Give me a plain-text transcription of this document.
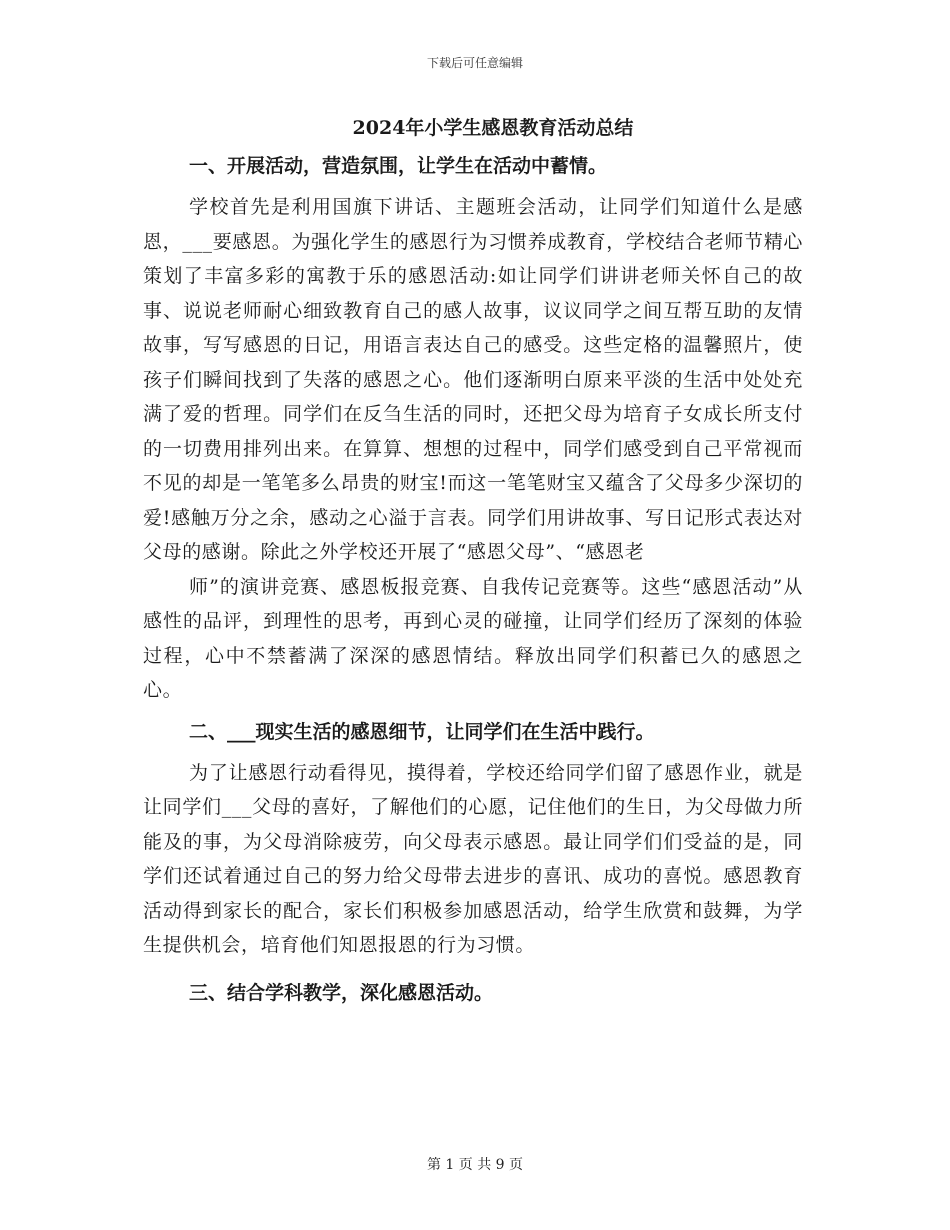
下载后可任意编辑
2024年小学生感恩教育活动总结
一、开展活动，营造氛围，让学生在活动中蓄情。

学校首先是利用国旗下讲话、主题班会活动，让同学们知道什么是感恩，___要感恩。为强化学生的感恩行为习惯养成教育，学校结合老师节精心策划了丰富多彩的寓教于乐的感恩活动:如让同学们讲讲老师关怀自己的故事、说说老师耐心细致教育自己的感人故事，议议同学之间互帮互助的友情故事，写写感恩的日记，用语言表达自己的感受。这些定格的温馨照片，使孩子们瞬间找到了失落的感恩之心。他们逐渐明白原来平淡的生活中处处充满了爱的哲理。同学们在反刍生活的同时，还把父母为培育子女成长所支付的一切费用排列出来。在算算、想想的过程中，同学们感受到自己平常视而不见的却是一笔笔多么昂贵的财宝!而这一笔笔财宝又蕴含了父母多少深切的爱!感触万分之余，感动之心溢于言表。同学们用讲故事、写日记形式表达对父母的感谢。除此之外学校还开展了“感恩父母”、“感恩老

师”的演讲竞赛、感恩板报竞赛、自我传记竞赛等。这些“感恩活动”从感性的品评，到理性的思考，再到心灵的碰撞，让同学们经历了深刻的体验过程，心中不禁蓄满了深深的感恩情结。释放出同学们积蓄已久的感恩之心。

二、___现实生活的感恩细节，让同学们在生活中践行。

为了让感恩行动看得见，摸得着，学校还给同学们留了感恩作业，就是让同学们___父母的喜好，了解他们的心愿，记住他们的生日，为父母做力所能及的事，为父母消除疲劳，向父母表示感恩。最让同学们们受益的是，同学们还试着通过自己的努力给父母带去进步的喜讯、成功的喜悦。感恩教育活动得到家长的配合，家长们积极参加感恩活动，给学生欣赏和鼓舞，为学生提供机会，培育他们知恩报恩的行为习惯。

三、结合学科教学，深化感恩活动。
第 1 页 共 9 页
